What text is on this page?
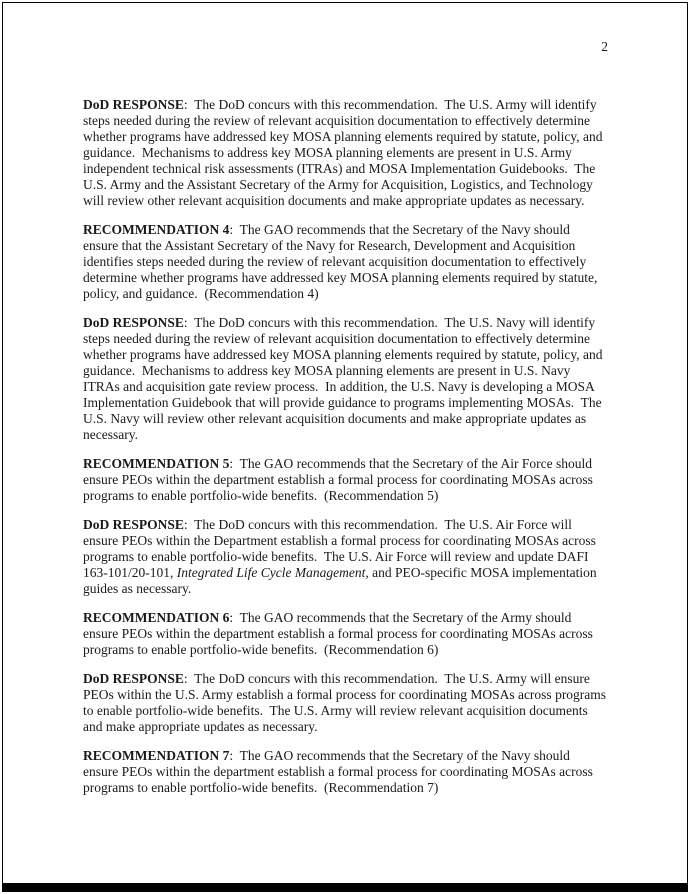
2

DoD RESPONSE:  The DoD concurs with this recommendation.  The U.S. Army will identify steps needed during the review of relevant acquisition documentation to effectively determine whether programs have addressed key MOSA planning elements required by statute, policy, and guidance.  Mechanisms to address key MOSA planning elements are present in U.S. Army independent technical risk assessments (ITRAs) and MOSA Implementation Guidebooks.  The U.S. Army and the Assistant Secretary of the Army for Acquisition, Logistics, and Technology will review other relevant acquisition documents and make appropriate updates as necessary.

RECOMMENDATION 4:  The GAO recommends that the Secretary of the Navy should ensure that the Assistant Secretary of the Navy for Research, Development and Acquisition identifies steps needed during the review of relevant acquisition documentation to effectively determine whether programs have addressed key MOSA planning elements required by statute, policy, and guidance.  (Recommendation 4)

DoD RESPONSE:  The DoD concurs with this recommendation.  The U.S. Navy will identify steps needed during the review of relevant acquisition documentation to effectively determine whether programs have addressed key MOSA planning elements required by statute, policy, and guidance.  Mechanisms to address key MOSA planning elements are present in U.S. Navy ITRAs and acquisition gate review process.  In addition, the U.S. Navy is developing a MOSA Implementation Guidebook that will provide guidance to programs implementing MOSAs.  The U.S. Navy will review other relevant acquisition documents and make appropriate updates as necessary.

RECOMMENDATION 5:  The GAO recommends that the Secretary of the Air Force should ensure PEOs within the department establish a formal process for coordinating MOSAs across programs to enable portfolio-wide benefits.  (Recommendation 5)

DoD RESPONSE:  The DoD concurs with this recommendation.  The U.S. Air Force will ensure PEOs within the Department establish a formal process for coordinating MOSAs across programs to enable portfolio-wide benefits.  The U.S. Air Force will review and update DAFI 163-101/20-101, Integrated Life Cycle Management, and PEO-specific MOSA implementation guides as necessary.

RECOMMENDATION 6:  The GAO recommends that the Secretary of the Army should ensure PEOs within the department establish a formal process for coordinating MOSAs across programs to enable portfolio-wide benefits.  (Recommendation 6)

DoD RESPONSE:  The DoD concurs with this recommendation.  The U.S. Army will ensure PEOs within the U.S. Army establish a formal process for coordinating MOSAs across programs to enable portfolio-wide benefits.  The U.S. Army will review relevant acquisition documents and make appropriate updates as necessary.

RECOMMENDATION 7:  The GAO recommends that the Secretary of the Navy should ensure PEOs within the department establish a formal process for coordinating MOSAs across programs to enable portfolio-wide benefits.  (Recommendation 7)
